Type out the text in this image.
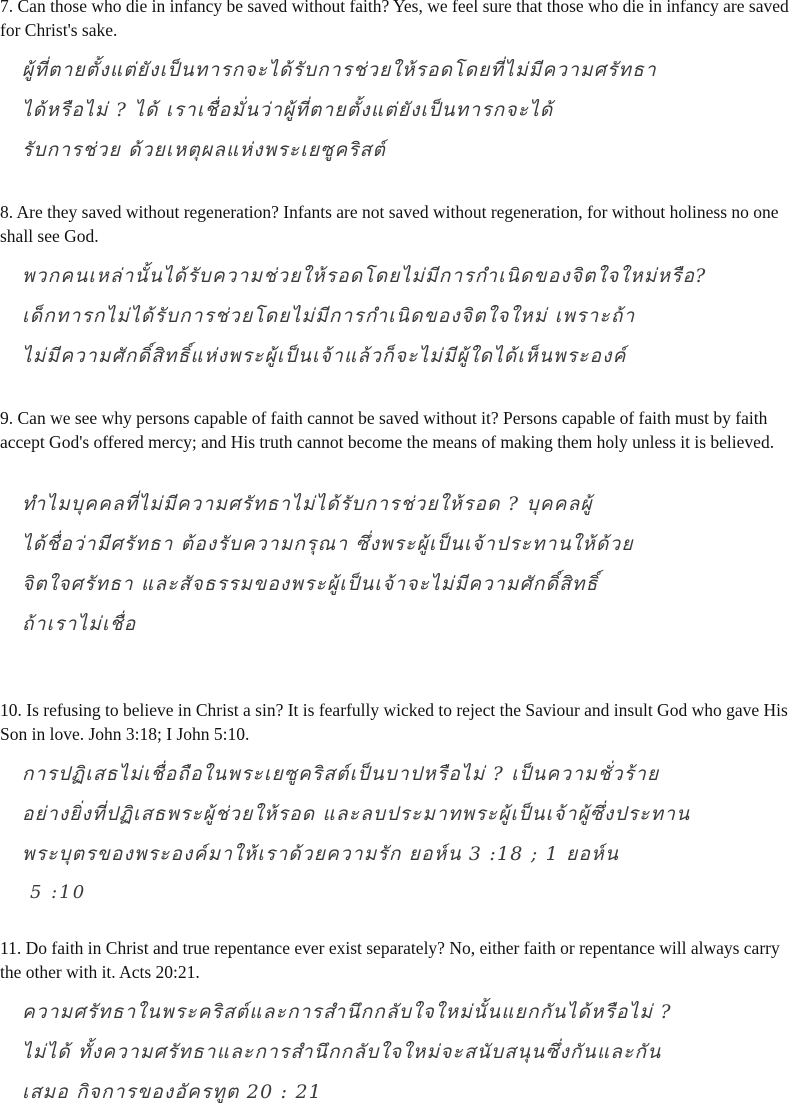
7. Can those who die in infancy be saved without faith? Yes, we feel sure that those who die in infancy are saved for Christ's sake.
ผู้ที่ตายตั้งแต่ยังเป็นทารกจะได้รับการช่วยให้รอดโดยที่ไม่มีความศรัทธา
ได้หรือไม่ ? ได้ เราเชื่อมั่นว่าผู้ที่ตายตั้งแต่ยังเป็นทารกจะได้
รับการช่วย ด้วยเหตุผลแห่งพระเยซูคริสต์
8. Are they saved without regeneration? Infants are not saved without regeneration, for without holiness no one shall see God.
พวกคนเหล่านั้นได้รับความช่วยให้รอดโดยไม่มีการกำเนิดของจิตใจใหม่หรือ?
เด็กทารกไม่ได้รับการช่วยโดยไม่มีการกำเนิดของจิตใจใหม่ เพราะถ้า
ไม่มีความศักดิ์สิทธิ์แห่งพระผู้เป็นเจ้าแล้วก็จะไม่มีผู้ใดได้เห็นพระองค์
9. Can we see why persons capable of faith cannot be saved without it? Persons capable of faith must by faith accept God's offered mercy; and His truth cannot become the means of making them holy unless it is believed.
ทำไมบุคคลที่ไม่มีความศรัทธาไม่ได้รับการช่วยให้รอด ? บุคคลผู้
ได้ชื่อว่ามีศรัทธา ต้องรับความกรุณา ซึ่งพระผู้เป็นเจ้าประทานให้ด้วย
จิตใจศรัทธา และสัจธรรมของพระผู้เป็นเจ้าจะไม่มีความศักดิ์สิทธิ์
ถ้าเราไม่เชื่อ
10. Is refusing to believe in Christ a sin? It is fearfully wicked to reject the Saviour and insult God who gave His Son in love. John 3:18; I John 5:10.
การปฏิเสธไม่เชื่อถือในพระเยซูคริสต์เป็นบาปหรือไม่ ? เป็นความชั่วร้าย
อย่างยิ่งที่ปฏิเสธพระผู้ช่วยให้รอด และลบประมาทพระผู้เป็นเจ้าผู้ซึ่งประทาน
พระบุตรของพระองค์มาให้เราด้วยความรัก ยอห์น 3 :18 ; 1 ยอห์น
5 :10
11. Do faith in Christ and true repentance ever exist separately? No, either faith or repentance will always carry the other with it. Acts 20:21.
ความศรัทธาในพระคริสต์และการสำนึกกลับใจใหม่นั้นแยกกันได้หรือไม่ ?
ไม่ได้ ทั้งความศรัทธาและการสำนึกกลับใจใหม่จะสนับสนุนซึ่งกันและกัน
เสมอ กิจการของอัครทูต 20 : 21
